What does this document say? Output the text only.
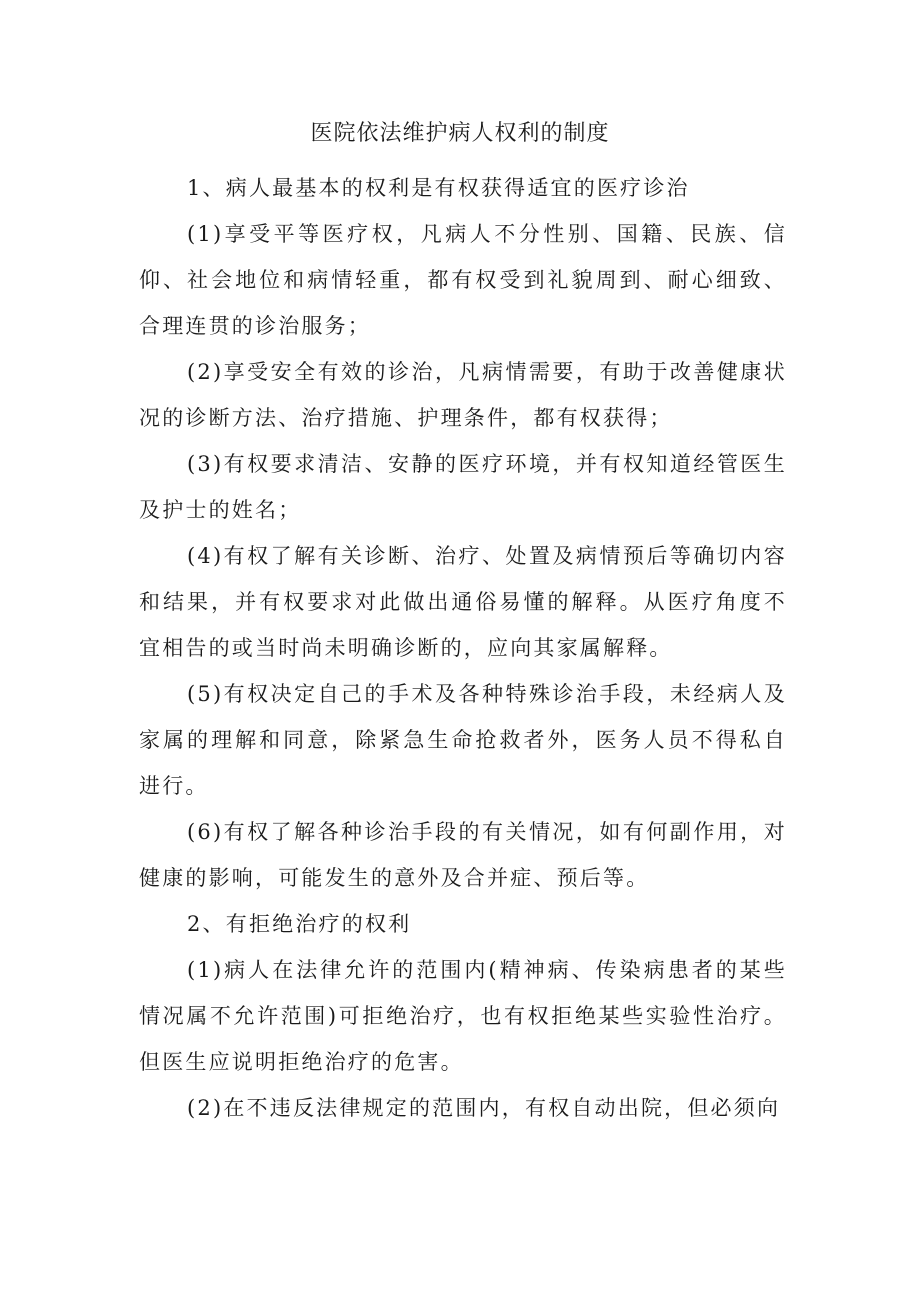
医院依法维护病人权利的制度

1、病人最基本的权利是有权获得适宜的医疗诊治

(1)享受平等医疗权，凡病人不分性别、国籍、民族、信仰、社会地位和病情轻重，都有权受到礼貌周到、耐心细致、合理连贯的诊治服务；

(2)享受安全有效的诊治，凡病情需要，有助于改善健康状况的诊断方法、治疗措施、护理条件，都有权获得；

(3)有权要求清洁、安静的医疗环境，并有权知道经管医生及护士的姓名；

(4)有权了解有关诊断、治疗、处置及病情预后等确切内容和结果，并有权要求对此做出通俗易懂的解释。从医疗角度不宜相告的或当时尚未明确诊断的，应向其家属解释。

(5)有权决定自己的手术及各种特殊诊治手段，未经病人及家属的理解和同意，除紧急生命抢救者外，医务人员不得私自进行。

(6)有权了解各种诊治手段的有关情况，如有何副作用，对健康的影响，可能发生的意外及合并症、预后等。

2、有拒绝治疗的权利

(1)病人在法律允许的范围内(精神病、传染病患者的某些情况属不允许范围)可拒绝治疗，也有权拒绝某些实验性治疗。但医生应说明拒绝治疗的危害。

(2)在不违反法律规定的范围内，有权自动出院，但必须向
